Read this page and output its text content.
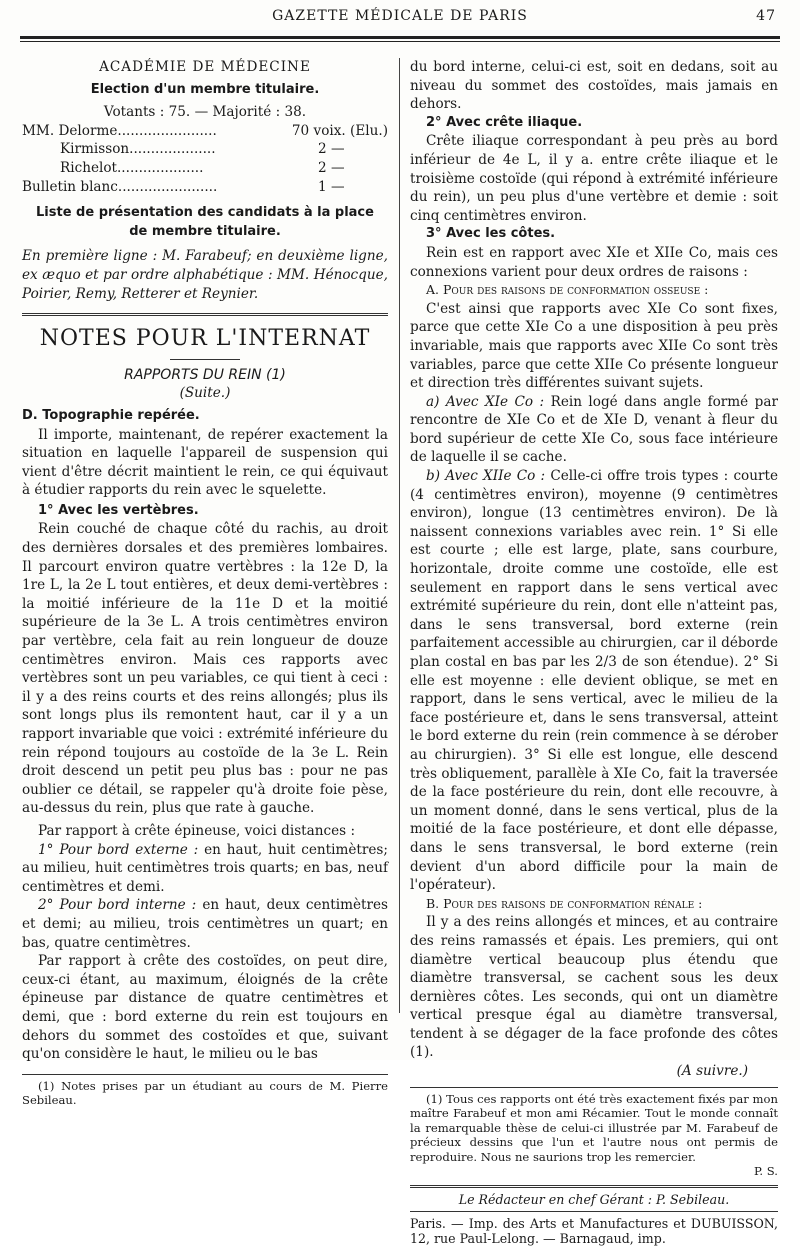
GAZETTE MÉDICALE DE PARIS	47

ACADÉMIE DE MÉDECINE

Election d'un membre titulaire.

Votants : 75. — Majorité : 38.

MM. Delorme.......................	70 voix. (Elu.)
Kirmisson....................	2 —
Richelot....................	2 —
Bulletin blanc.......................	1 —

Liste de présentation des candidats à la place de membre titulaire.

En première ligne : M. Farabeuf; en deuxième ligne, ex æquo et par ordre alphabétique : MM. Hénocque, Poirier, Remy, Retterer et Reynier.

NOTES POUR L'INTERNAT

RAPPORTS DU REIN (1)

(Suite.)

D. Topographie repérée.

Il importe, maintenant, de repérer exactement la situation en laquelle l'appareil de suspension qui vient d'être décrit maintient le rein, ce qui équivaut à étudier rapports du rein avec le squelette.

1° Avec les vertèbres.

Rein couché de chaque côté du rachis, au droit des dernières dorsales et des premières lombaires. Il parcourt environ quatre vertèbres : la 12e D, la 1re L, la 2e L tout entières, et deux demi-vertèbres : la moitié inférieure de la 11e D et la moitié supérieure de la 3e L. A trois centimètres environ par vertèbre, cela fait au rein longueur de douze centimètres environ. Mais ces rapports avec vertèbres sont un peu variables, ce qui tient à ceci : il y a des reins courts et des reins allongés; plus ils sont longs plus ils remontent haut, car il y a un rapport invariable que voici : extrémité inférieure du rein répond toujours au costoïde de la 3e L. Rein droit descend un petit peu plus bas : pour ne pas oublier ce détail, se rappeler qu'à droite foie pèse, au-dessus du rein, plus que rate à gauche.

Par rapport à crête épineuse, voici distances :

1° Pour bord externe : en haut, huit centimètres; au milieu, huit centimètres trois quarts; en bas, neuf centimètres et demi.

2° Pour bord interne : en haut, deux centimètres et demi; au milieu, trois centimètres un quart; en bas, quatre centimètres.

Par rapport à crête des costoïdes, on peut dire, ceux-ci étant, au maximum, éloignés de la crête épineuse par distance de quatre centimètres et demi, que : bord externe du rein est toujours en dehors du sommet des costoïdes et que, suivant qu'on considère le haut, le milieu ou le bas

(1) Notes prises par un étudiant au cours de M. Pierre Sebileau.

du bord interne, celui-ci est, soit en dedans, soit au niveau du sommet des costoïdes, mais jamais en dehors.

2° Avec crête iliaque.

Crête iliaque correspondant à peu près au bord inférieur de 4e L, il y a. entre crête iliaque et le troisième costoïde (qui répond à extrémité inférieure du rein), un peu plus d'une vertèbre et demie : soit cinq centimètres environ.

3° Avec les côtes.

Rein est en rapport avec XIe et XIIe Co, mais ces connexions varient pour deux ordres de raisons :

A. Pour des raisons de conformation osseuse :

C'est ainsi que rapports avec XIe Co sont fixes, parce que cette XIe Co a une disposition à peu près invariable, mais que rapports avec XIIe Co sont très variables, parce que cette XIIe Co présente longueur et direction très différentes suivant sujets.

a) Avec XIe Co : Rein logé dans angle formé par rencontre de XIe Co et de XIe D, venant à fleur du bord supérieur de cette XIe Co, sous face intérieure de laquelle il se cache.

b) Avec XIIe Co : Celle-ci offre trois types : courte (4 centimètres environ), moyenne (9 centimètres environ), longue (13 centimètres environ). De là naissent connexions variables avec rein. 1° Si elle est courte ; elle est large, plate, sans courbure, horizontale, droite comme une costoïde, elle est seulement en rapport dans le sens vertical avec extrémité supérieure du rein, dont elle n'atteint pas, dans le sens transversal, bord externe (rein parfaitement accessible au chirurgien, car il déborde plan costal en bas par les 2/3 de son étendue). 2° Si elle est moyenne : elle devient oblique, se met en rapport, dans le sens vertical, avec le milieu de la face postérieure et, dans le sens transversal, atteint le bord externe du rein (rein commence à se dérober au chirurgien). 3° Si elle est longue, elle descend très obliquement, parallèle à XIe Co, fait la traversée de la face postérieure du rein, dont elle recouvre, à un moment donné, dans le sens vertical, plus de la moitié de la face postérieure, et dont elle dépasse, dans le sens transversal, le bord externe (rein devient d'un abord difficile pour la main de l'opérateur).

B. Pour des raisons de conformation rénale :

Il y a des reins allongés et minces, et au contraire des reins ramassés et épais. Les premiers, qui ont diamètre vertical beaucoup plus étendu que diamètre transversal, se cachent sous les deux dernières côtes. Les seconds, qui ont un diamètre vertical presque égal au diamètre transversal, tendent à se dégager de la face profonde des côtes (1).

(A suivre.)

(1) Tous ces rapports ont été très exactement fixés par mon maître Farabeuf et mon ami Récamier. Tout le monde connaît la remarquable thèse de celui-ci illustrée par M. Farabeuf de précieux dessins que l'un et l'autre nous ont permis de reproduire. Nous ne saurions trop les remercier.

P. S.

Le Rédacteur en chef Gérant : P. Sebileau.

Paris. — Imp. des Arts et Manufactures et DUBUISSON, 12, rue Paul-Lelong. — Barnagaud, imp.
